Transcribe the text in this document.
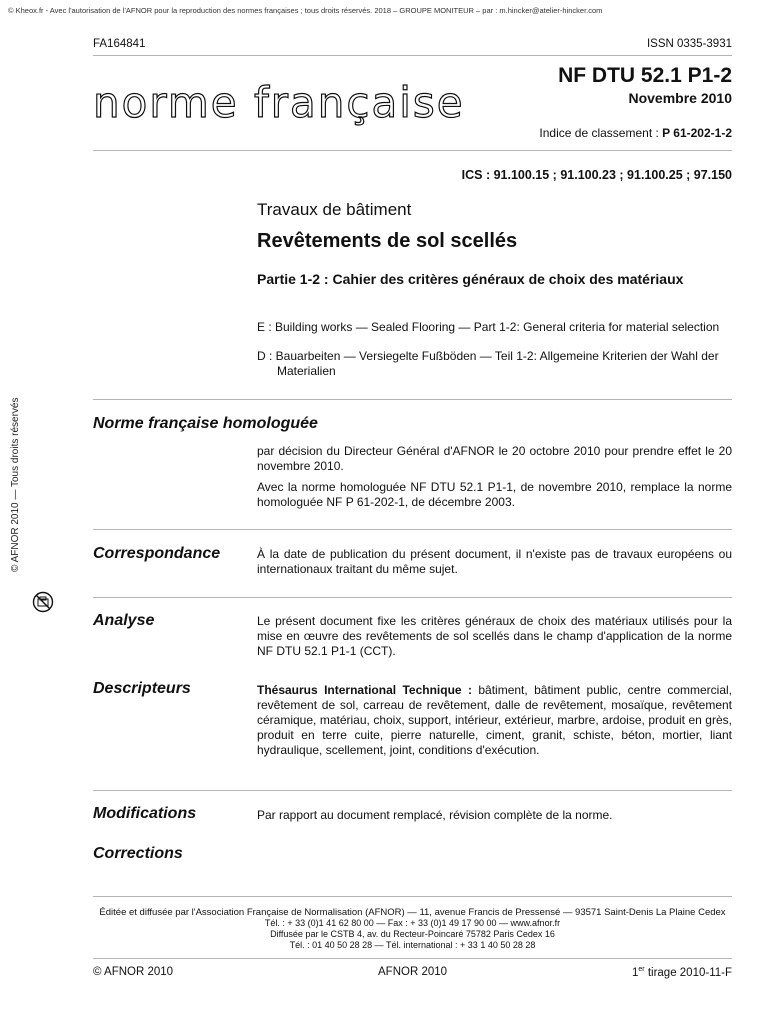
© Kheox.fr - Avec l'autorisation de l'AFNOR pour la reproduction des normes françaises ; tous droits réservés. 2018 – GROUPE MONITEUR – par : m.hincker@atelier-hincker.com
FA164841	ISSN 0335-3931
norme française
NF DTU 52.1 P1-2
Novembre 2010
Indice de classement : P 61-202-1-2
ICS : 91.100.15 ; 91.100.23 ; 91.100.25 ; 97.150
Travaux de bâtiment
Revêtements de sol scellés
Partie 1-2 : Cahier des critères généraux de choix des matériaux
E : Building works — Sealed Flooring — Part 1-2: General criteria for material selection
D : Bauarbeiten — Versiegelte Fußböden — Teil 1-2: Allgemeine Kriterien der Wahl der Materialien
© AFNOR 2010 — Tous droits réservés	Norme française homologuée

par décision du Directeur Général d'AFNOR le 20 octobre 2010 pour prendre effet le 20 novembre 2010.

Avec la norme homologuée NF DTU 52.1 P1-1, de novembre 2010, remplace la norme homologuée NF P 61-202-1, de décembre 2003.

Correspondance	À la date de publication du présent document, il n'existe pas de travaux européens ou internationaux traitant du même sujet.

Analyse	Le présent document fixe les critères généraux de choix des matériaux utilisés pour la mise en œuvre des revêtements de sol scellés dans le champ d'application de la norme NF DTU 52.1 P1-1 (CCT).

Descripteurs	Thésaurus International Technique : bâtiment, bâtiment public, centre commercial, revêtement de sol, carreau de revêtement, dalle de revêtement, mosaïque, revêtement céramique, matériau, choix, support, intérieur, extérieur, marbre, ardoise, produit en grès, produit en terre cuite, pierre naturelle, ciment, granit, schiste, béton, mortier, liant hydraulique, scellement, joint, conditions d'exécution.

Modifications	Par rapport au document remplacé, révision complète de la norme.

Corrections
Éditée et diffusée par l'Association Française de Normalisation (AFNOR) — 11, avenue Francis de Pressensé — 93571 Saint-Denis La Plaine Cedex
Tél. : + 33 (0)1 41 62 80 00 — Fax : + 33 (0)1 49 17 90 00 — www.afnor.fr
Diffusée par le CSTB 4, av. du Recteur-Poincaré 75782 Paris Cedex 16
Tél. : 01 40 50 28 28 — Tél. international : + 33 1 40 50 28 28
© AFNOR 2010	AFNOR 2010	1er tirage 2010-11-F
